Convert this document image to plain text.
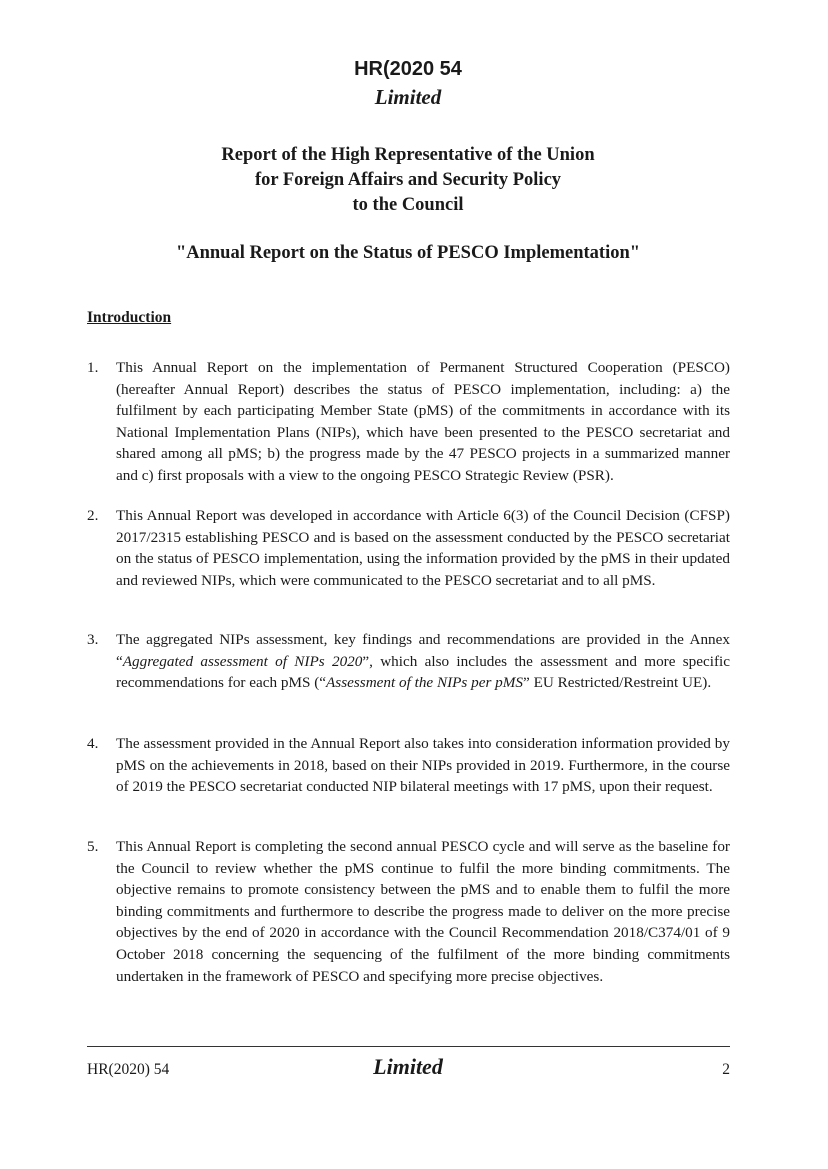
HR(2020 54
Limited
Report of the High Representative of the Union
for Foreign Affairs and Security Policy
to the Council
"Annual Report on the Status of PESCO Implementation"
Introduction
1. This Annual Report on the implementation of Permanent Structured Cooperation (PESCO) (hereafter Annual Report) describes the status of PESCO implementation, including: a) the fulfilment by each participating Member State (pMS) of the commitments in accordance with its National Implementation Plans (NIPs), which have been presented to the PESCO secretariat and shared among all pMS; b) the progress made by the 47 PESCO projects in a summarized manner and c) first proposals with a view to the ongoing PESCO Strategic Review (PSR).
2. This Annual Report was developed in accordance with Article 6(3) of the Council Decision (CFSP) 2017/2315 establishing PESCO and is based on the assessment conducted by the PESCO secretariat on the status of PESCO implementation, using the information provided by the pMS in their updated and reviewed NIPs, which were communicated to the PESCO secretariat and to all pMS.
3. The aggregated NIPs assessment, key findings and recommendations are provided in the Annex “Aggregated assessment of NIPs 2020”, which also includes the assessment and more specific recommendations for each pMS (“Assessment of the NIPs per pMS” EU Restricted/Restreint UE).
4. The assessment provided in the Annual Report also takes into consideration information provided by pMS on the achievements in 2018, based on their NIPs provided in 2019. Furthermore, in the course of 2019 the PESCO secretariat conducted NIP bilateral meetings with 17 pMS, upon their request.
5. This Annual Report is completing the second annual PESCO cycle and will serve as the baseline for the Council to review whether the pMS continue to fulfil the more binding commitments. The objective remains to promote consistency between the pMS and to enable them to fulfil the more binding commitments and furthermore to describe the progress made to deliver on the more precise objectives by the end of 2020 in accordance with the Council Recommendation 2018/C374/01 of 9 October 2018 concerning the sequencing of the fulfilment of the more binding commitments undertaken in the framework of PESCO and specifying more precise objectives.
HR(2020) 54	Limited	2
